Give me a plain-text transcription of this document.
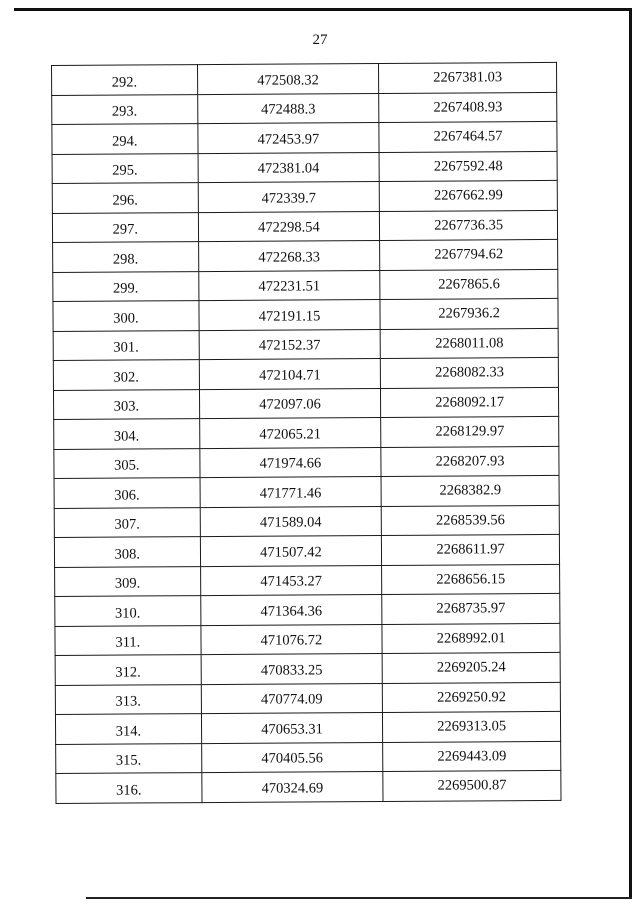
27
292.	472508.32	2267381.03
293.	472488.3	2267408.93
294.	472453.97	2267464.57
295.	472381.04	2267592.48
296.	472339.7	2267662.99
297.	472298.54	2267736.35
298.	472268.33	2267794.62
299.	472231.51	2267865.6
300.	472191.15	2267936.2
301.	472152.37	2268011.08
302.	472104.71	2268082.33
303.	472097.06	2268092.17
304.	472065.21	2268129.97
305.	471974.66	2268207.93
306.	471771.46	2268382.9
307.	471589.04	2268539.56
308.	471507.42	2268611.97
309.	471453.27	2268656.15
310.	471364.36	2268735.97
311.	471076.72	2268992.01
312.	470833.25	2269205.24
313.	470774.09	2269250.92
314.	470653.31	2269313.05
315.	470405.56	2269443.09
316.	470324.69	2269500.87
